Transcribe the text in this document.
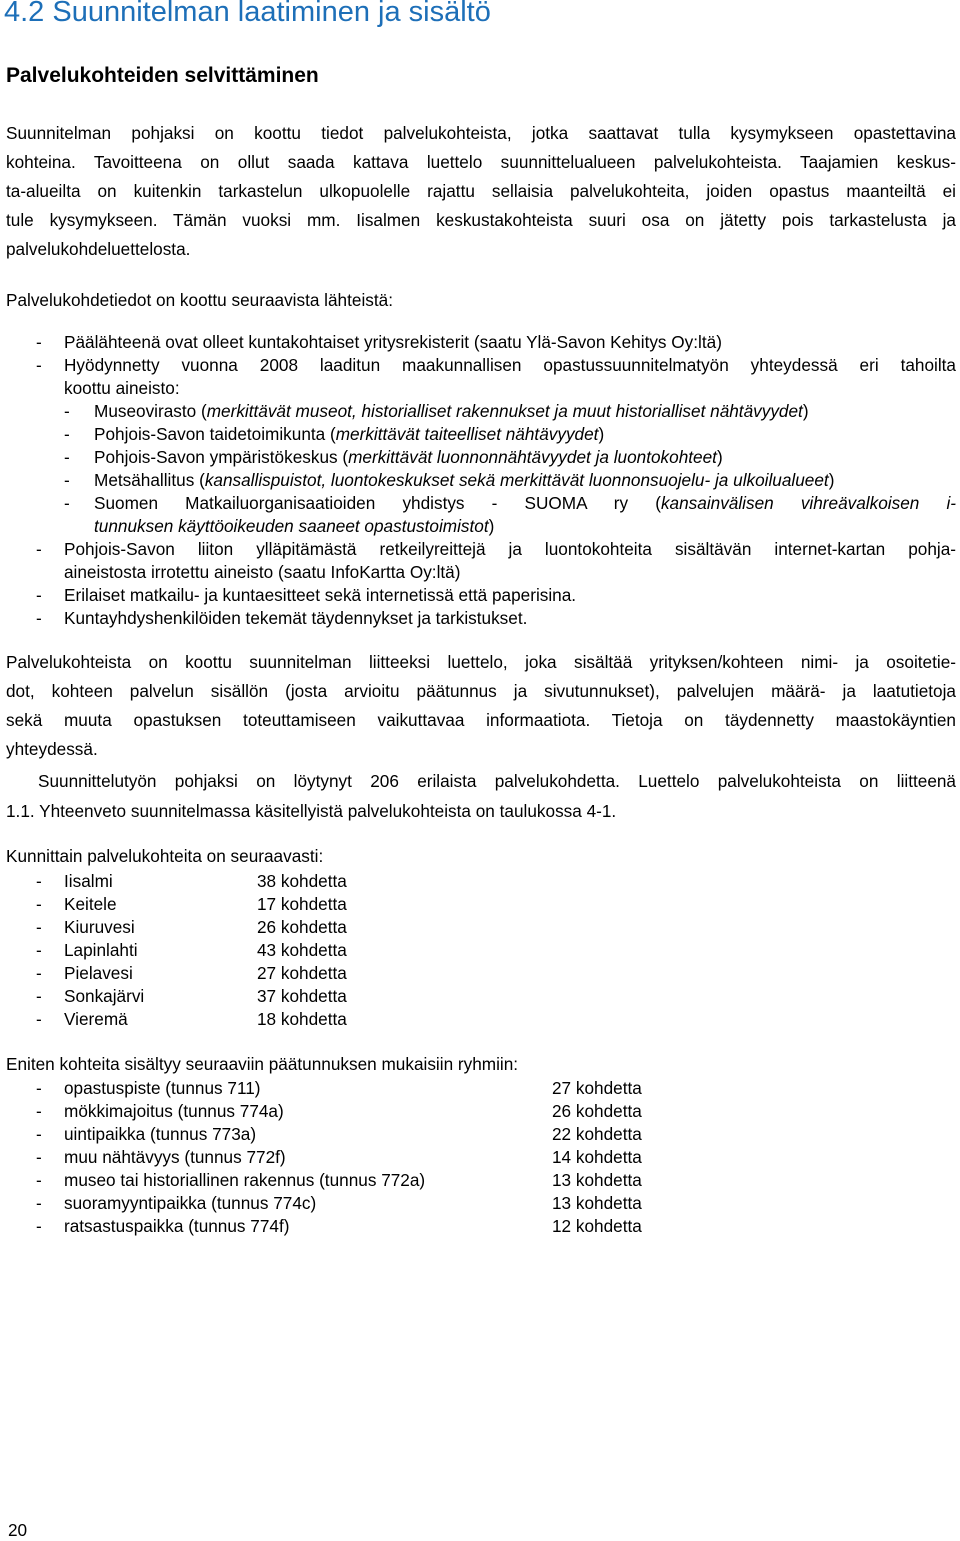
4.2 Suunnitelman laatiminen ja sisältö
Palvelukohteiden selvittäminen
Suunnitelman pohjaksi on koottu tiedot palvelukohteista, jotka saattavat tulla kysymykseen opastettavina
kohteina. Tavoitteena on ollut saada kattava luettelo suunnittelualueen palvelukohteista. Taajamien keskus-
ta-alueilta on kuitenkin tarkastelun ulkopuolelle rajattu sellaisia palvelukohteita, joiden opastus maanteiltä ei
tule kysymykseen. Tämän vuoksi mm. Iisalmen keskustakohteista suuri osa on jätetty pois tarkastelusta ja
palvelukohdeluettelosta.
Palvelukohdetiedot on koottu seuraavista lähteistä:
- Päälähteenä ovat olleet kuntakohtaiset yritysrekisterit (saatu Ylä-Savon Kehitys Oy:ltä)
- Hyödynnetty vuonna 2008 laaditun maakunnallisen opastussuunnitelmatyön yhteydessä eri tahoilta
koottu aineisto:
- Museovirasto (merkittävät museot, historialliset rakennukset ja muut historialliset nähtävyydet)
- Pohjois-Savon taidetoimikunta (merkittävät taiteelliset nähtävyydet)
- Pohjois-Savon ympäristökeskus (merkittävät luonnonnähtävyydet ja luontokohteet)
- Metsähallitus (kansallispuistot, luontokeskukset sekä merkittävät luonnonsuojelu- ja ulkoilualueet)
- Suomen Matkailuorganisaatioiden yhdistys - SUOMA ry (kansainvälisen vihreävalkoisen i-
tunnuksen käyttöoikeuden saaneet opastustoimistot)
- Pohjois-Savon liiton ylläpitämästä retkeilyreittejä ja luontokohteita sisältävän internet-kartan pohja-
aineistosta irrotettu aineisto (saatu InfoKartta Oy:ltä)
- Erilaiset matkailu- ja kuntaesitteet sekä internetissä että paperisina.
- Kuntayhdyshenkilöiden tekemät täydennykset ja tarkistukset.
Palvelukohteista on koottu suunnitelman liitteeksi luettelo, joka sisältää yrityksen/kohteen nimi- ja osoitetie-
dot, kohteen palvelun sisällön (josta arvioitu päätunnus ja sivutunnukset), palvelujen määrä- ja laatutietoja
sekä muuta opastuksen toteuttamiseen vaikuttavaa informaatiota. Tietoja on täydennetty maastokäyntien
yhteydessä.
Suunnittelutyön pohjaksi on löytynyt 206 erilaista palvelukohdetta. Luettelo palvelukohteista on liitteenä
1.1. Yhteenveto suunnitelmassa käsitellyistä palvelukohteista on taulukossa 4-1.
Kunnittain palvelukohteita on seuraavasti:
- Iisalmi	38 kohdetta
- Keitele	17 kohdetta
- Kiuruvesi	26 kohdetta
- Lapinlahti	43 kohdetta
- Pielavesi	27 kohdetta
- Sonkajärvi	37 kohdetta
- Vieremä	18 kohdetta
Eniten kohteita sisältyy seuraaviin päätunnuksen mukaisiin ryhmiin:
- opastuspiste (tunnus 711)	27 kohdetta
- mökkimajoitus (tunnus 774a)	26 kohdetta
- uintipaikka (tunnus 773a)	22 kohdetta
- muu nähtävyys (tunnus 772f)	14 kohdetta
- museo tai historiallinen rakennus (tunnus 772a)	13 kohdetta
- suoramyyntipaikka (tunnus 774c)	13 kohdetta
- ratsastuspaikka (tunnus 774f)	12 kohdetta
20
